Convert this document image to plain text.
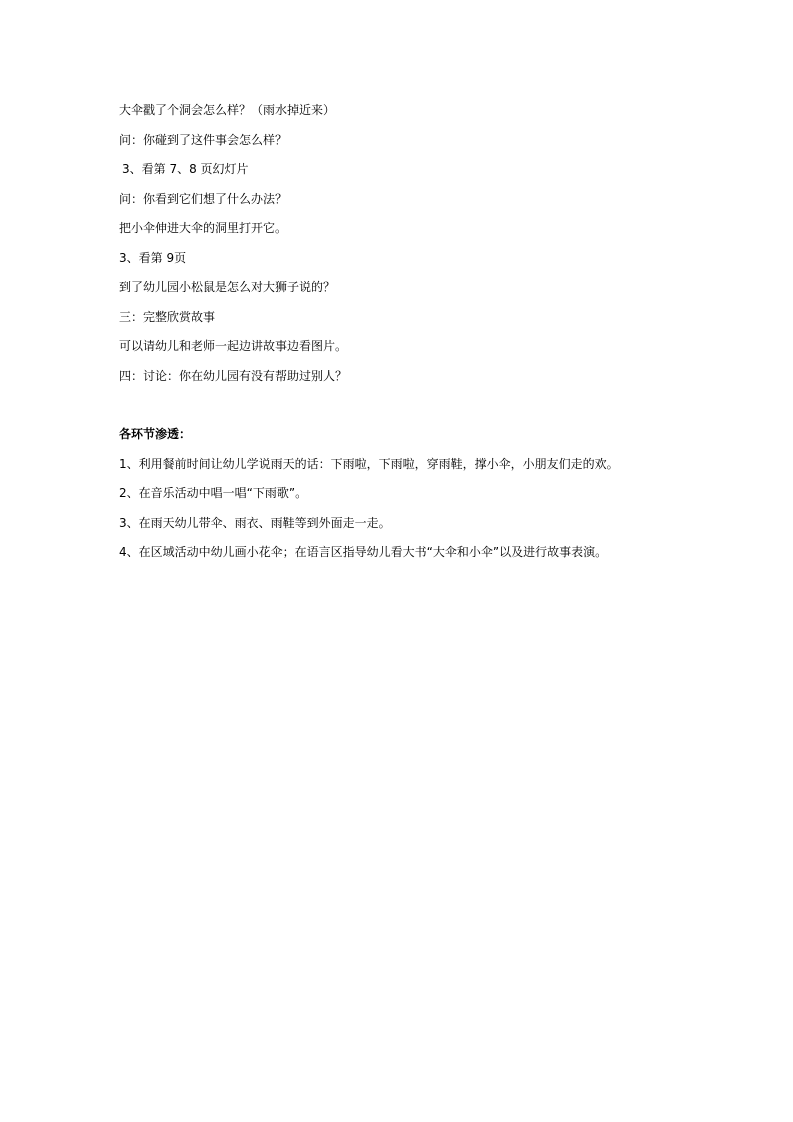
大伞戳了个洞会怎么样？（雨水掉近来）
问：你碰到了这件事会怎么样？
3、看第 7、8 页幻灯片
问：你看到它们想了什么办法？
把小伞伸进大伞的洞里打开它。
3、看第 9页
到了幼儿园小松鼠是怎么对大狮子说的？
三：完整欣赏故事
可以请幼儿和老师一起边讲故事边看图片。
四：讨论：你在幼儿园有没有帮助过别人？
各环节渗透：
1、利用餐前时间让幼儿学说雨天的话：下雨啦，下雨啦，穿雨鞋，撑小伞，小朋友们走的欢。
2、在音乐活动中唱一唱“下雨歌”。
3、在雨天幼儿带伞、雨衣、雨鞋等到外面走一走。
4、在区域活动中幼儿画小花伞；在语言区指导幼儿看大书“大伞和小伞”以及进行故事表演。
